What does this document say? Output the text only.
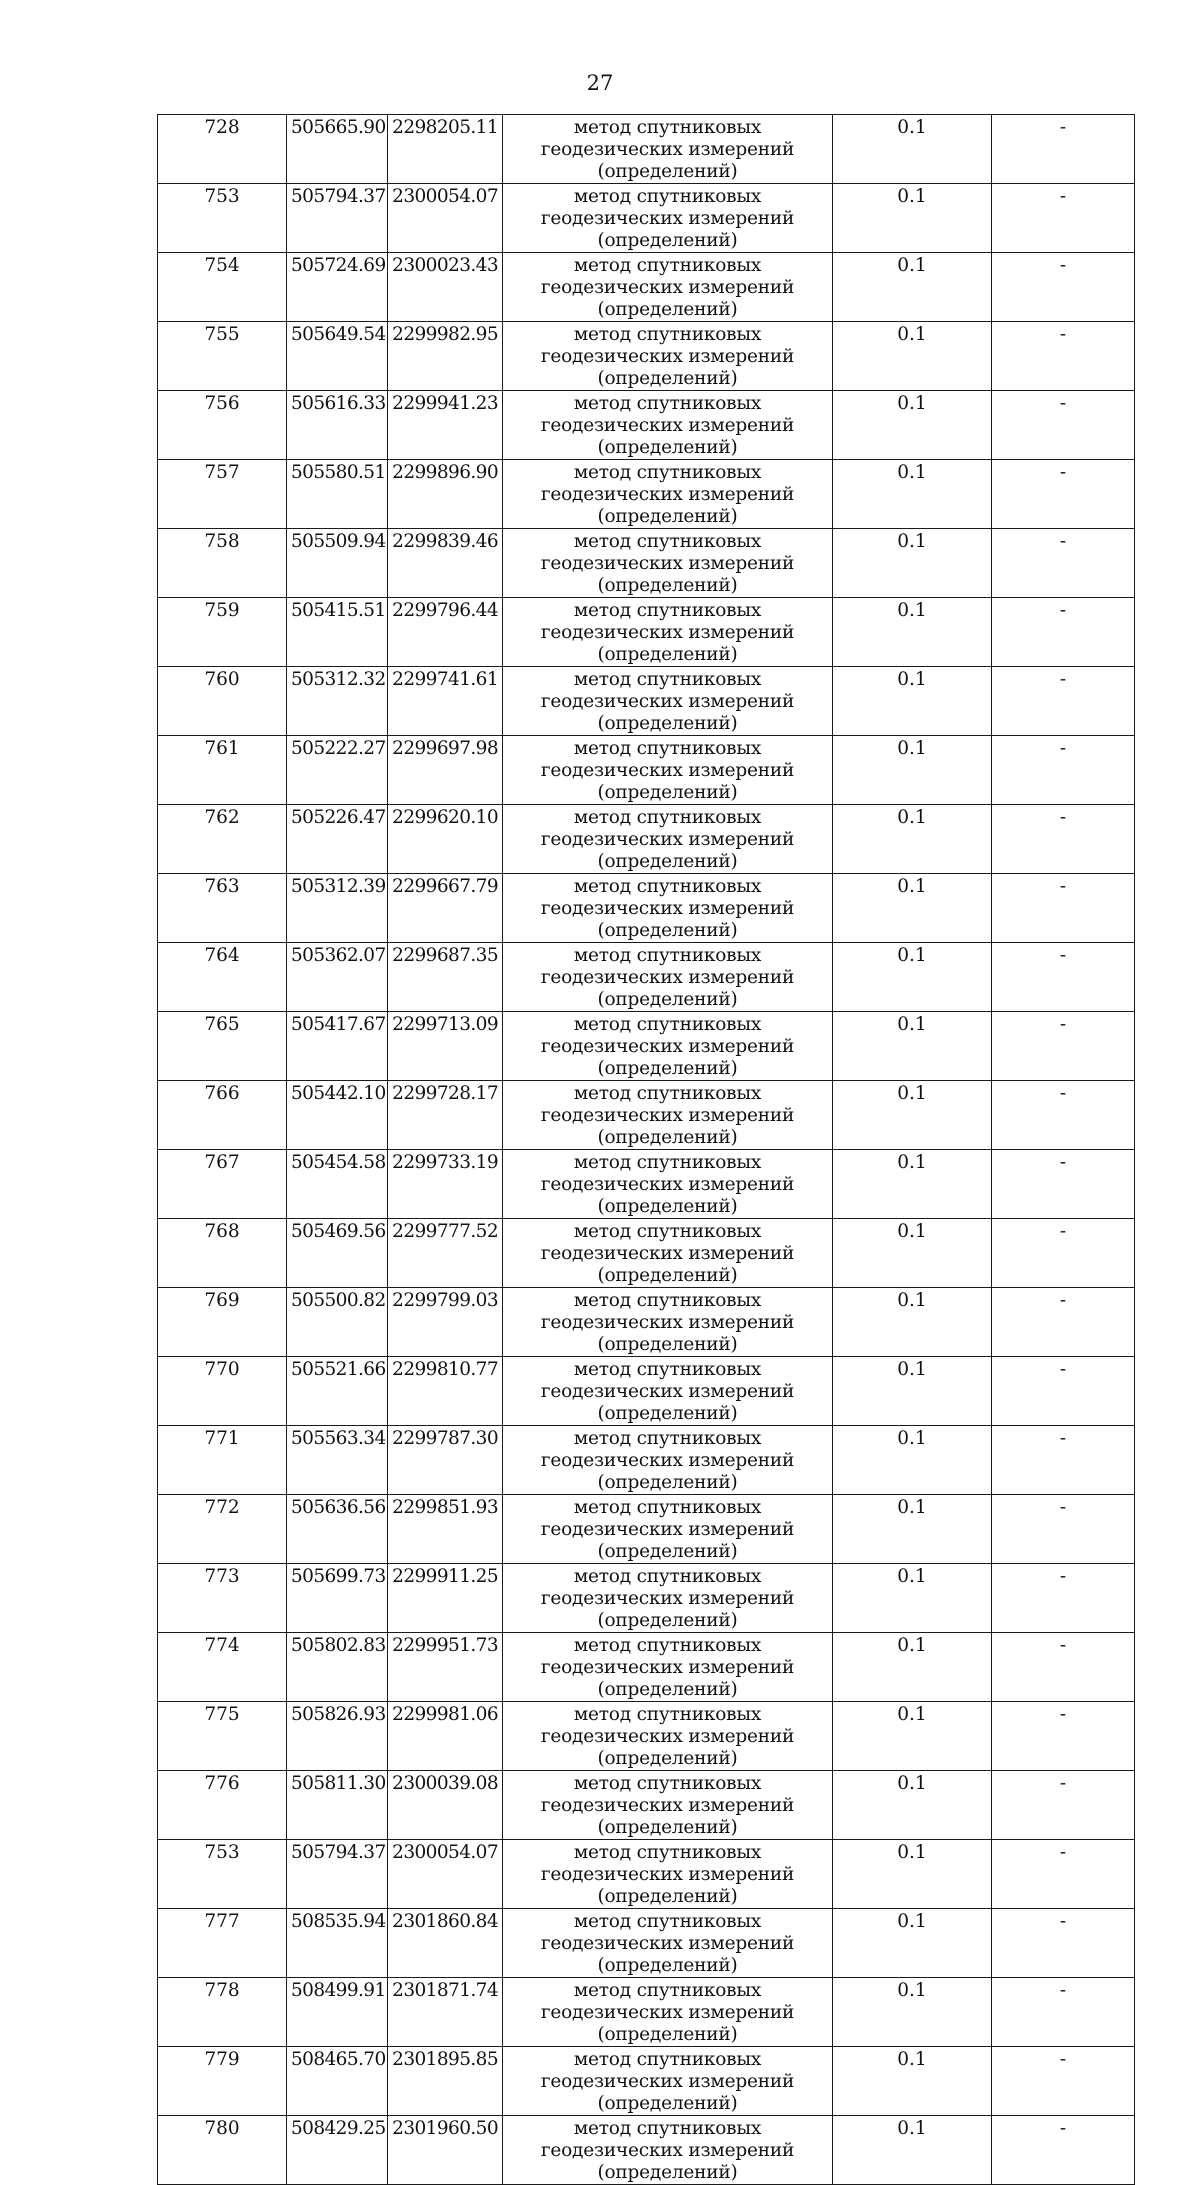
27
728	505665.90	2298205.11	метод спутниковых геодезических измерений (определений)	0.1	-
753	505794.37	2300054.07	метод спутниковых геодезических измерений (определений)	0.1	-
754	505724.69	2300023.43	метод спутниковых геодезических измерений (определений)	0.1	-
755	505649.54	2299982.95	метод спутниковых геодезических измерений (определений)	0.1	-
756	505616.33	2299941.23	метод спутниковых геодезических измерений (определений)	0.1	-
757	505580.51	2299896.90	метод спутниковых геодезических измерений (определений)	0.1	-
758	505509.94	2299839.46	метод спутниковых геодезических измерений (определений)	0.1	-
759	505415.51	2299796.44	метод спутниковых геодезических измерений (определений)	0.1	-
760	505312.32	2299741.61	метод спутниковых геодезических измерений (определений)	0.1	-
761	505222.27	2299697.98	метод спутниковых геодезических измерений (определений)	0.1	-
762	505226.47	2299620.10	метод спутниковых геодезических измерений (определений)	0.1	-
763	505312.39	2299667.79	метод спутниковых геодезических измерений (определений)	0.1	-
764	505362.07	2299687.35	метод спутниковых геодезических измерений (определений)	0.1	-
765	505417.67	2299713.09	метод спутниковых геодезических измерений (определений)	0.1	-
766	505442.10	2299728.17	метод спутниковых геодезических измерений (определений)	0.1	-
767	505454.58	2299733.19	метод спутниковых геодезических измерений (определений)	0.1	-
768	505469.56	2299777.52	метод спутниковых геодезических измерений (определений)	0.1	-
769	505500.82	2299799.03	метод спутниковых геодезических измерений (определений)	0.1	-
770	505521.66	2299810.77	метод спутниковых геодезических измерений (определений)	0.1	-
771	505563.34	2299787.30	метод спутниковых геодезических измерений (определений)	0.1	-
772	505636.56	2299851.93	метод спутниковых геодезических измерений (определений)	0.1	-
773	505699.73	2299911.25	метод спутниковых геодезических измерений (определений)	0.1	-
774	505802.83	2299951.73	метод спутниковых геодезических измерений (определений)	0.1	-
775	505826.93	2299981.06	метод спутниковых геодезических измерений (определений)	0.1	-
776	505811.30	2300039.08	метод спутниковых геодезических измерений (определений)	0.1	-
753	505794.37	2300054.07	метод спутниковых геодезических измерений (определений)	0.1	-
777	508535.94	2301860.84	метод спутниковых геодезических измерений (определений)	0.1	-
778	508499.91	2301871.74	метод спутниковых геодезических измерений (определений)	0.1	-
779	508465.70	2301895.85	метод спутниковых геодезических измерений (определений)	0.1	-
780	508429.25	2301960.50	метод спутниковых геодезических измерений (определений)	0.1	-
